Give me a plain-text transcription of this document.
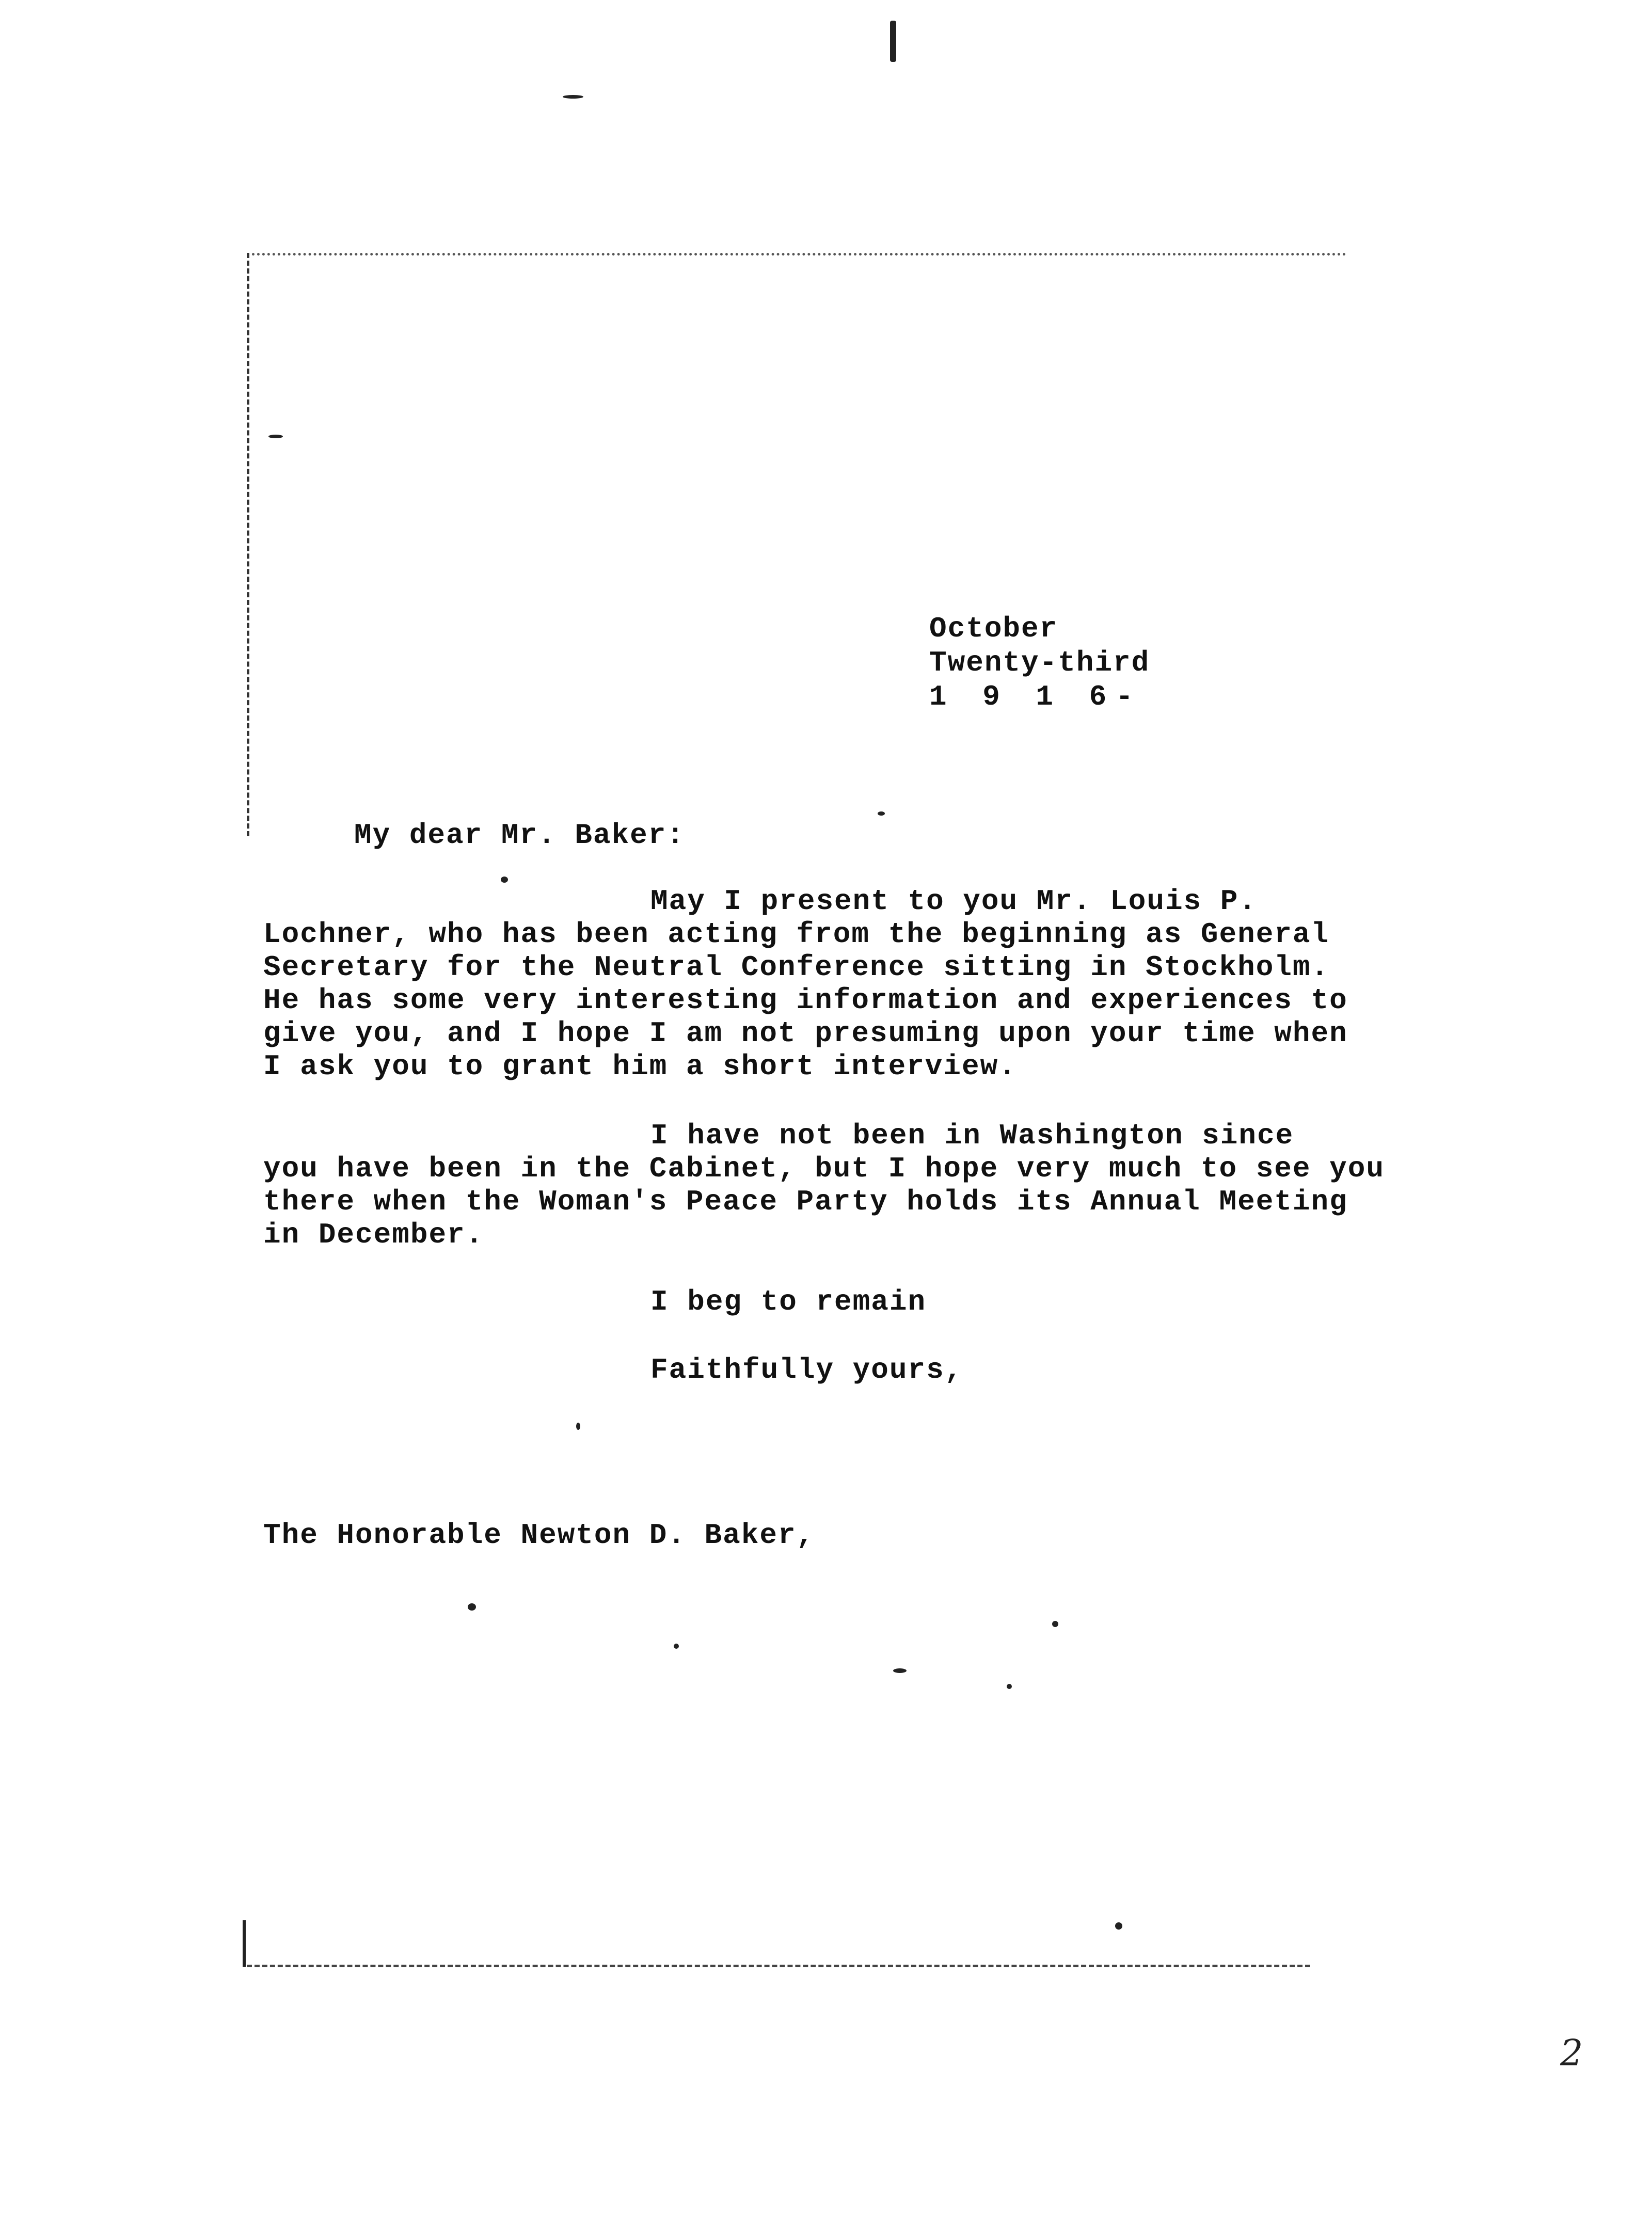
October
Twenty-third
1 9 1 6-
My dear Mr. Baker:
May I present to you Mr. Louis P.
Lochner, who has been acting from the beginning as General
Secretary for the Neutral Conference sitting in Stockholm.
He has some very interesting information and experiences to
give you, and I hope I am not presuming upon your time when
I ask you to grant him a short interview.
I have not been in Washington since
you have been in the Cabinet, but I hope very much to see you
there when the Woman's Peace Party holds its Annual Meeting
in December.
I beg to remain
Faithfully yours,
The Honorable Newton D. Baker,
2
